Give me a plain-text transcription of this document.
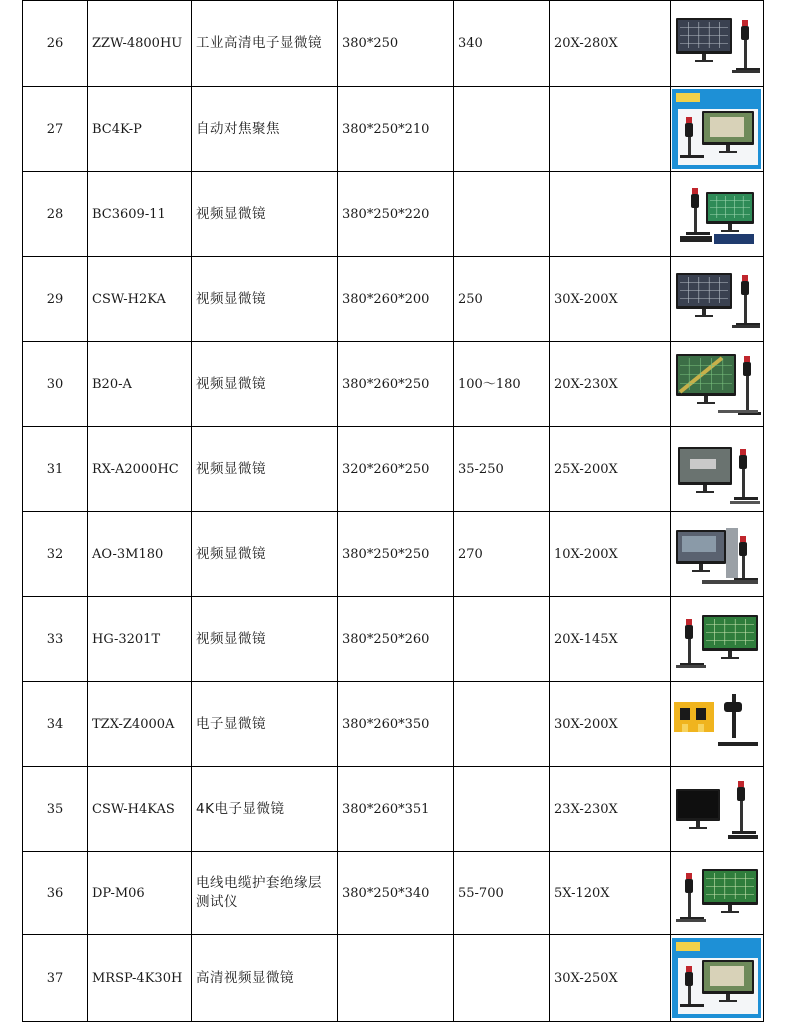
26	ZZW-4800HU	工业高清电子显微镜	380*250	340	20X-280X	

27	BC4K-P	自动对焦聚焦	380*250*210			

28	BC3609-11	视频显微镜	380*250*220			

29	CSW-H2KA	视频显微镜	380*260*200	250	30X-200X	

30	B20-A	视频显微镜	380*260*250	100～180	20X-230X	

31	RX-A2000HC	视频显微镜	320*260*250	35-250	25X-200X	

32	AO-3M180	视频显微镜	380*250*250	270	10X-200X	

33	HG-3201T	视频显微镜	380*250*260		20X-145X	

34	TZX-Z4000A	电子显微镜	380*260*350		30X-200X	

35	CSW-H4KAS	4K电子显微镜	380*260*351		23X-230X	

36	DP-M06	电线电缆护套绝缘层测试仪	380*250*340	55-700	5X-120X	

37	MRSP-4K30H	高清视频显微镜			30X-250X	
